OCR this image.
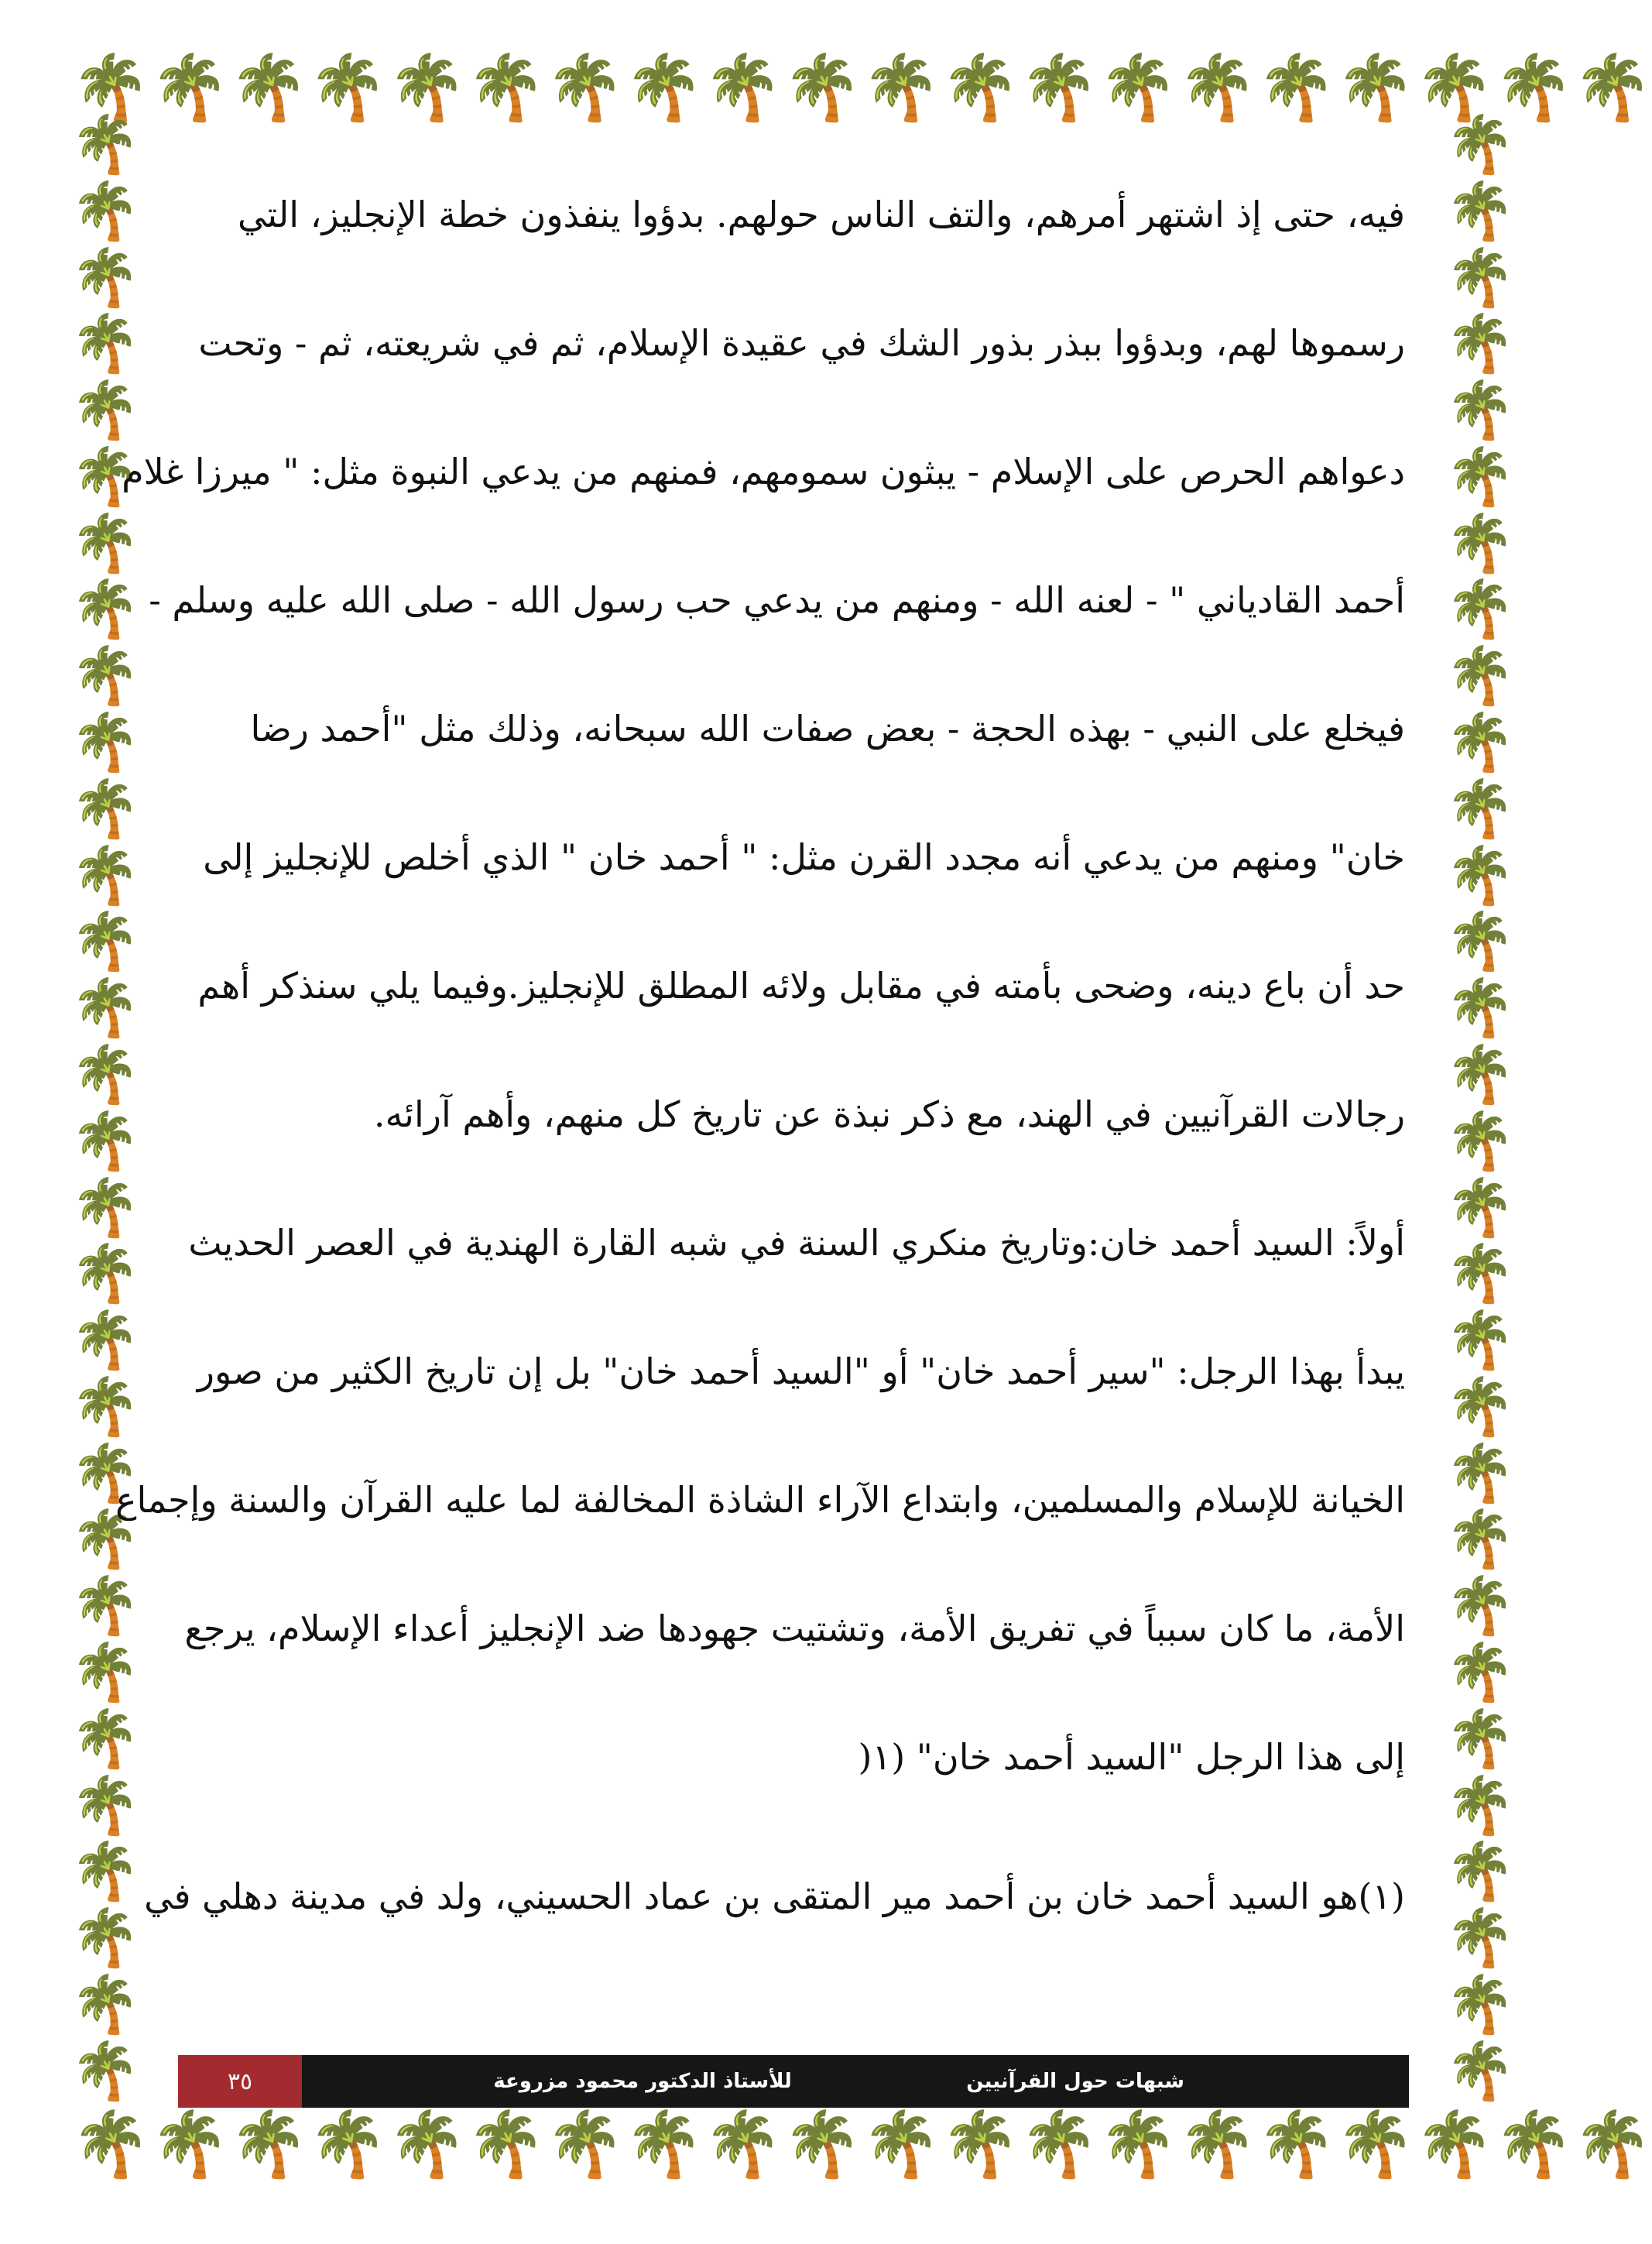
🌴 🌴 🌴 🌴 🌴 🌴 🌴 🌴 🌴 🌴 🌴 🌴 🌴 🌴 🌴 🌴 🌴 🌴 🌴 🌴
🌴 🌴 🌴 🌴 🌴 🌴 🌴 🌴 🌴 🌴 🌴 🌴 🌴 🌴 🌴 🌴 🌴 🌴 🌴 🌴
🌴
🌴
🌴
🌴
🌴
🌴
🌴
🌴
🌴
🌴
🌴
🌴
🌴
🌴
🌴
🌴
🌴
🌴
🌴
🌴
🌴
🌴
🌴
🌴
🌴
🌴
🌴
🌴
🌴
🌴
🌴
🌴
🌴
🌴
🌴
🌴
🌴
🌴
🌴
🌴
🌴
🌴
🌴
🌴
🌴
🌴
🌴
🌴
🌴
🌴
🌴
🌴
🌴
🌴
🌴
🌴
🌴
🌴
🌴
🌴
فيه، حتى إذ اشتهر أمرهم، والتف الناس حولهم. بدؤوا ينفذون خطة الإنجليز، التي
رسموها لهم، وبدؤوا ببذر بذور الشك في عقيدة الإسلام، ثم في شريعته، ثم - وتحت
دعواهم الحرص على الإسلام - يبثون سمومهم، فمنهم من يدعي النبوة مثل: " ميرزا غلام
أحمد القادياني " - لعنه الله - ومنهم من يدعي حب رسول الله - صلى الله عليه وسلم -
فيخلع على النبي - بهذه الحجة - بعض صفات الله سبحانه، وذلك مثل "أحمد رضا
خان" ومنهم من يدعي أنه مجدد القرن مثل: " أحمد خان " الذي أخلص للإنجليز إلى
حد أن باع دينه، وضحى بأمته في مقابل ولائه المطلق للإنجليز.وفيما يلي سنذكر أهم
رجالات القرآنيين في الهند، مع ذكر نبذة عن تاريخ كل منهم، وأهم آرائه.
أولاً: السيد أحمد خان:وتاريخ منكري السنة في شبه القارة الهندية في العصر الحديث
يبدأ بهذا الرجل: "سير أحمد خان" أو "السيد أحمد خان" بل إن تاريخ الكثير من صور
الخيانة للإسلام والمسلمين، وابتداع الآراء الشاذة المخالفة لما عليه القرآن والسنة وإجماع
الأمة، ما كان سبباً في تفريق الأمة، وتشتيت جهودها ضد الإنجليز أعداء الإسلام، يرجع
إلى هذا الرجل "السيد أحمد خان" (١(
(١)هو السيد أحمد خان بن أحمد مير المتقى بن عماد الحسيني، ولد في مدينة دهلي في
٣٥	للأستاذ الدكتور محمود مزروعة	شبهات حول القرآنيين
